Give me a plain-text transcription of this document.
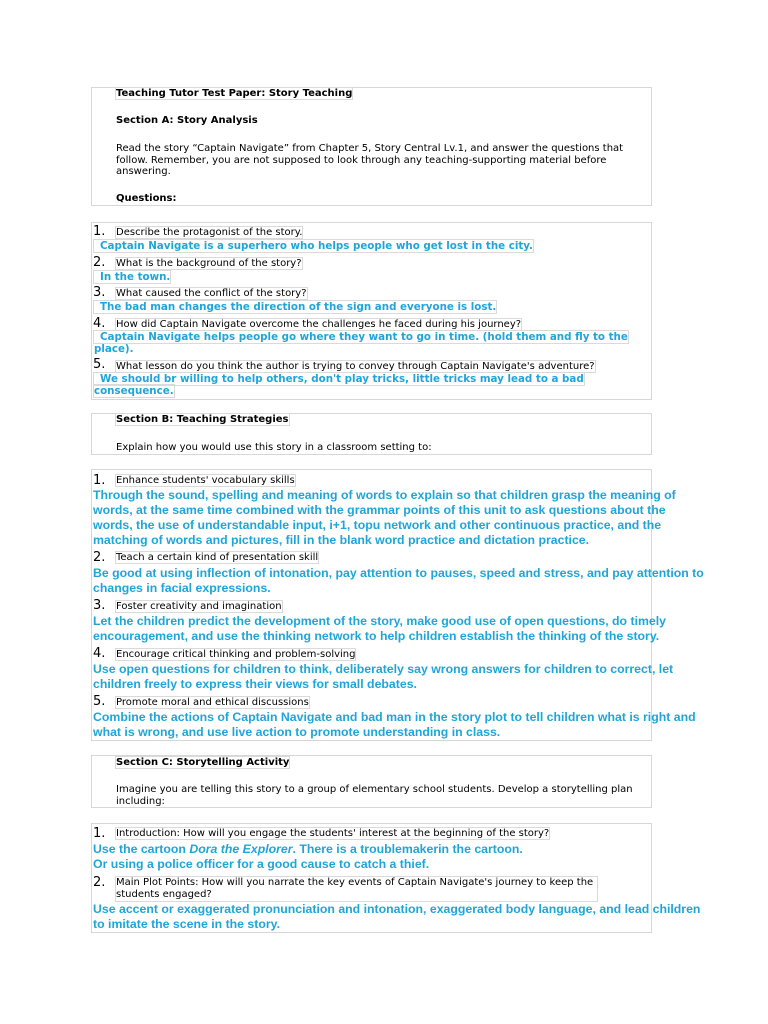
Teaching Tutor Test Paper: Story Teaching
Section A: Story Analysis
Read the story “Captain Navigate” from Chapter 5, Story Central Lv.1, and answer the questions that
follow. Remember, you are not supposed to look through any teaching-supporting material before
answering.
Questions:
1. Describe the protagonist of the story.
Captain Navigate is a superhero who helps people who get lost in the city.
2. What is the background of the story?
In the town.
3. What caused the conflict of the story?
The bad man changes the direction of the sign and everyone is lost.
4. How did Captain Navigate overcome the challenges he faced during his journey?
Captain Navigate helps people go where they want to go in time. (hold them and fly to the
place).
5. What lesson do you think the author is trying to convey through Captain Navigate's adventure?
We should br willing to help others, don't play tricks, little tricks may lead to a bad
consequence.
Section B: Teaching Strategies
Explain how you would use this story in a classroom setting to:
1. Enhance students' vocabulary skills
Through the sound, spelling and meaning of words to explain so that children grasp the meaning of
words, at the same time combined with the grammar points of this unit to ask questions about the
words, the use of understandable input, i+1, topu network and other continuous practice, and the
matching of words and pictures, fill in the blank word practice and dictation practice.
2. Teach a certain kind of presentation skill
Be good at using inflection of intonation, pay attention to pauses, speed and stress, and pay attention to
changes in facial expressions.
3. Foster creativity and imagination
Let the children predict the development of the story, make good use of open questions, do timely
encouragement, and use the thinking network to help children establish the thinking of the story.
4. Encourage critical thinking and problem-solving
Use open questions for children to think, deliberately say wrong answers for children to correct, let
children freely to express their views for small debates.
5. Promote moral and ethical discussions
Combine the actions of Captain Navigate and bad man in the story plot to tell children what is right and
what is wrong, and use live action to promote understanding in class.
Section C: Storytelling Activity
Imagine you are telling this story to a group of elementary school students. Develop a storytelling plan
including:
1. Introduction: How will you engage the students' interest at the beginning of the story?
Use the cartoon Dora the Explorer. There is a troublemakerin the cartoon.
Or using a police officer for a good cause to catch a thief.
2. Main Plot Points: How will you narrate the key events of Captain Navigate's journey to keep the
students engaged?
Use accent or exaggerated pronunciation and intonation, exaggerated body language, and lead children
to imitate the scene in the story.
